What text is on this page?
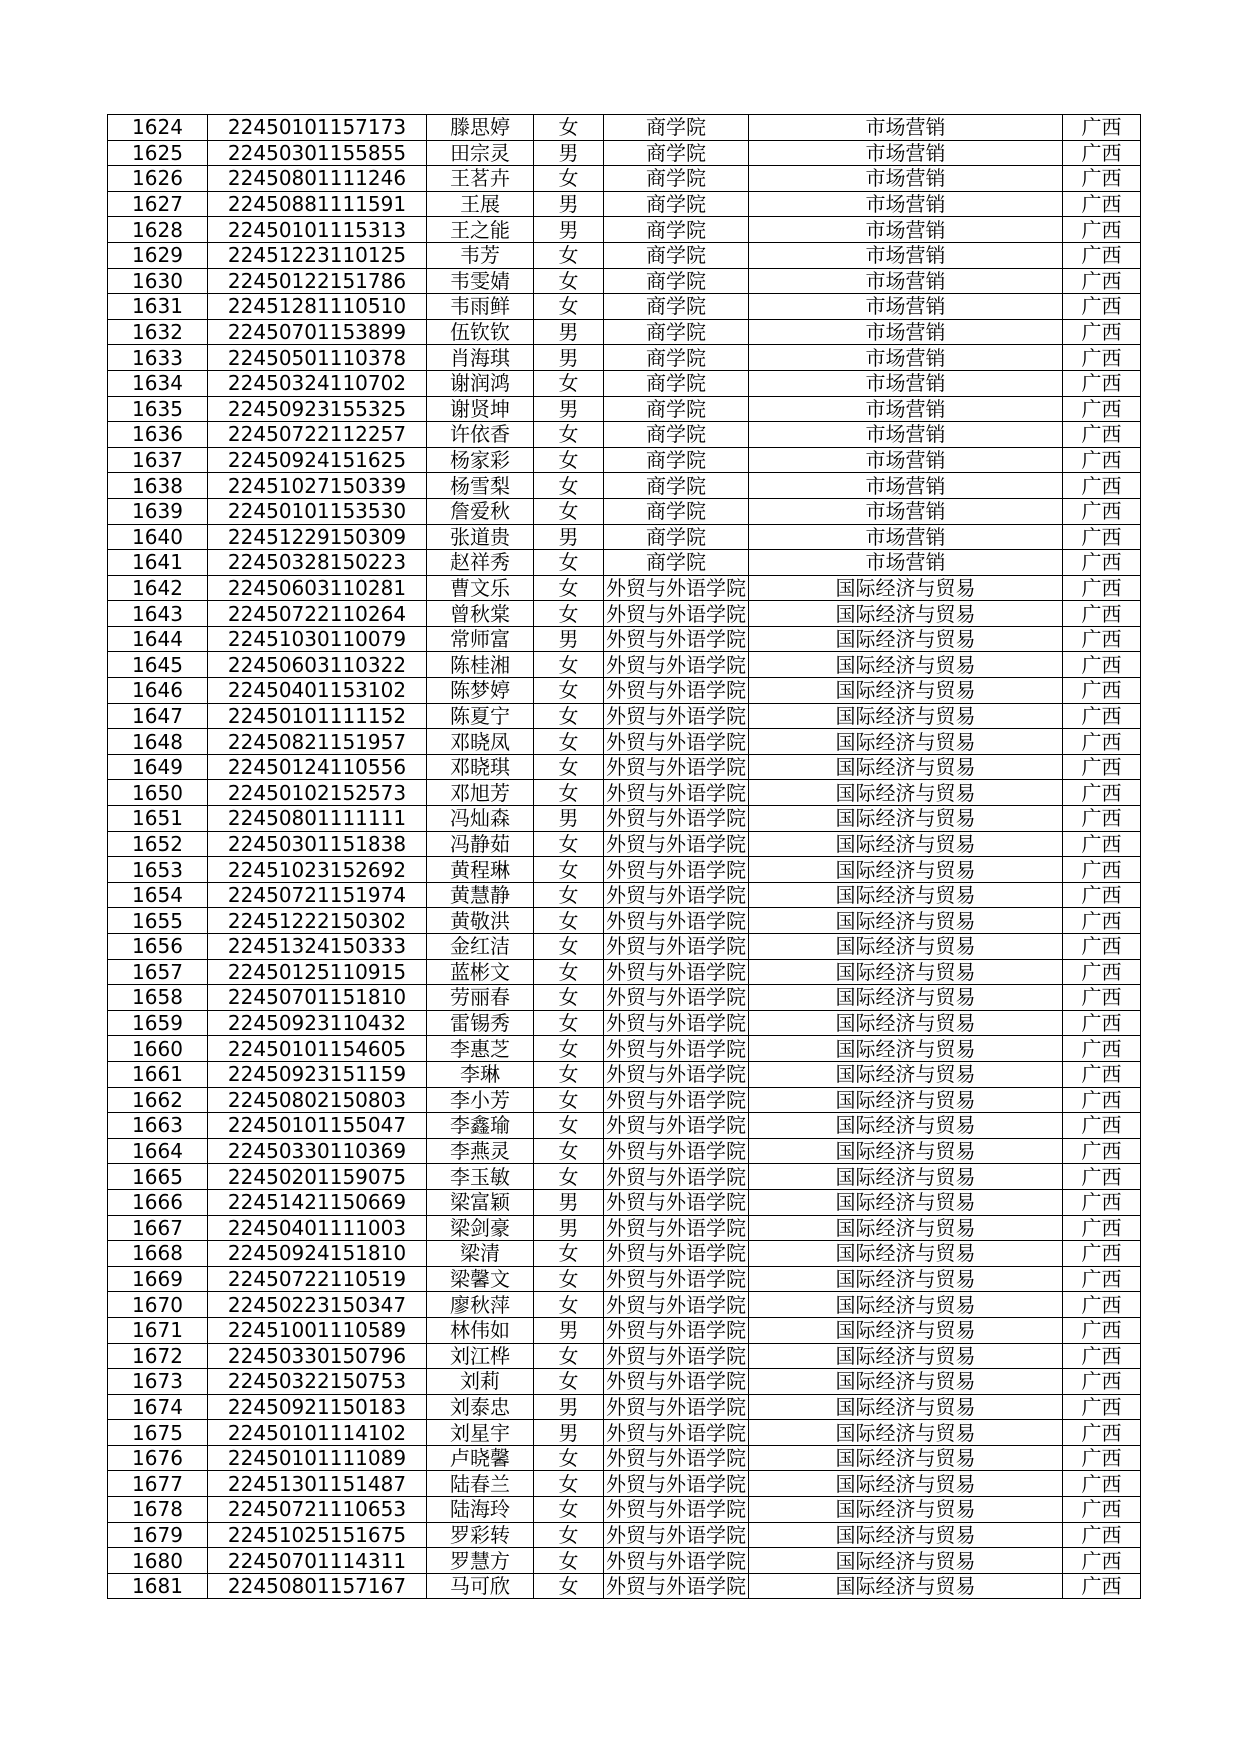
1624	22450101157173	滕思婷	女	商学院	市场营销	广西
1625	22450301155855	田宗灵	男	商学院	市场营销	广西
1626	22450801111246	王茗卉	女	商学院	市场营销	广西
1627	22450881111591	王展	男	商学院	市场营销	广西
1628	22450101115313	王之能	男	商学院	市场营销	广西
1629	22451223110125	韦芳	女	商学院	市场营销	广西
1630	22450122151786	韦雯婧	女	商学院	市场营销	广西
1631	22451281110510	韦雨鲜	女	商学院	市场营销	广西
1632	22450701153899	伍钦钦	男	商学院	市场营销	广西
1633	22450501110378	肖海琪	男	商学院	市场营销	广西
1634	22450324110702	谢润鸿	女	商学院	市场营销	广西
1635	22450923155325	谢贤坤	男	商学院	市场营销	广西
1636	22450722112257	许依香	女	商学院	市场营销	广西
1637	22450924151625	杨家彩	女	商学院	市场营销	广西
1638	22451027150339	杨雪梨	女	商学院	市场营销	广西
1639	22450101153530	詹爱秋	女	商学院	市场营销	广西
1640	22451229150309	张道贵	男	商学院	市场营销	广西
1641	22450328150223	赵祥秀	女	商学院	市场营销	广西
1642	22450603110281	曹文乐	女	外贸与外语学院	国际经济与贸易	广西
1643	22450722110264	曾秋棠	女	外贸与外语学院	国际经济与贸易	广西
1644	22451030110079	常师富	男	外贸与外语学院	国际经济与贸易	广西
1645	22450603110322	陈桂湘	女	外贸与外语学院	国际经济与贸易	广西
1646	22450401153102	陈梦婷	女	外贸与外语学院	国际经济与贸易	广西
1647	22450101111152	陈夏宁	女	外贸与外语学院	国际经济与贸易	广西
1648	22450821151957	邓晓凤	女	外贸与外语学院	国际经济与贸易	广西
1649	22450124110556	邓晓琪	女	外贸与外语学院	国际经济与贸易	广西
1650	22450102152573	邓旭芳	女	外贸与外语学院	国际经济与贸易	广西
1651	22450801111111	冯灿森	男	外贸与外语学院	国际经济与贸易	广西
1652	22450301151838	冯静茹	女	外贸与外语学院	国际经济与贸易	广西
1653	22451023152692	黄程琳	女	外贸与外语学院	国际经济与贸易	广西
1654	22450721151974	黄慧静	女	外贸与外语学院	国际经济与贸易	广西
1655	22451222150302	黄敬洪	女	外贸与外语学院	国际经济与贸易	广西
1656	22451324150333	金红洁	女	外贸与外语学院	国际经济与贸易	广西
1657	22450125110915	蓝彬文	女	外贸与外语学院	国际经济与贸易	广西
1658	22450701151810	劳丽春	女	外贸与外语学院	国际经济与贸易	广西
1659	22450923110432	雷锡秀	女	外贸与外语学院	国际经济与贸易	广西
1660	22450101154605	李惠芝	女	外贸与外语学院	国际经济与贸易	广西
1661	22450923151159	李琳	女	外贸与外语学院	国际经济与贸易	广西
1662	22450802150803	李小芳	女	外贸与外语学院	国际经济与贸易	广西
1663	22450101155047	李鑫瑜	女	外贸与外语学院	国际经济与贸易	广西
1664	22450330110369	李燕灵	女	外贸与外语学院	国际经济与贸易	广西
1665	22450201159075	李玉敏	女	外贸与外语学院	国际经济与贸易	广西
1666	22451421150669	梁富颖	男	外贸与外语学院	国际经济与贸易	广西
1667	22450401111003	梁剑豪	男	外贸与外语学院	国际经济与贸易	广西
1668	22450924151810	梁清	女	外贸与外语学院	国际经济与贸易	广西
1669	22450722110519	梁馨文	女	外贸与外语学院	国际经济与贸易	广西
1670	22450223150347	廖秋萍	女	外贸与外语学院	国际经济与贸易	广西
1671	22451001110589	林伟如	男	外贸与外语学院	国际经济与贸易	广西
1672	22450330150796	刘江桦	女	外贸与外语学院	国际经济与贸易	广西
1673	22450322150753	刘莉	女	外贸与外语学院	国际经济与贸易	广西
1674	22450921150183	刘泰忠	男	外贸与外语学院	国际经济与贸易	广西
1675	22450101114102	刘星宇	男	外贸与外语学院	国际经济与贸易	广西
1676	22450101111089	卢晓馨	女	外贸与外语学院	国际经济与贸易	广西
1677	22451301151487	陆春兰	女	外贸与外语学院	国际经济与贸易	广西
1678	22450721110653	陆海玲	女	外贸与外语学院	国际经济与贸易	广西
1679	22451025151675	罗彩转	女	外贸与外语学院	国际经济与贸易	广西
1680	22450701114311	罗慧方	女	外贸与外语学院	国际经济与贸易	广西
1681	22450801157167	马可欣	女	外贸与外语学院	国际经济与贸易	广西
